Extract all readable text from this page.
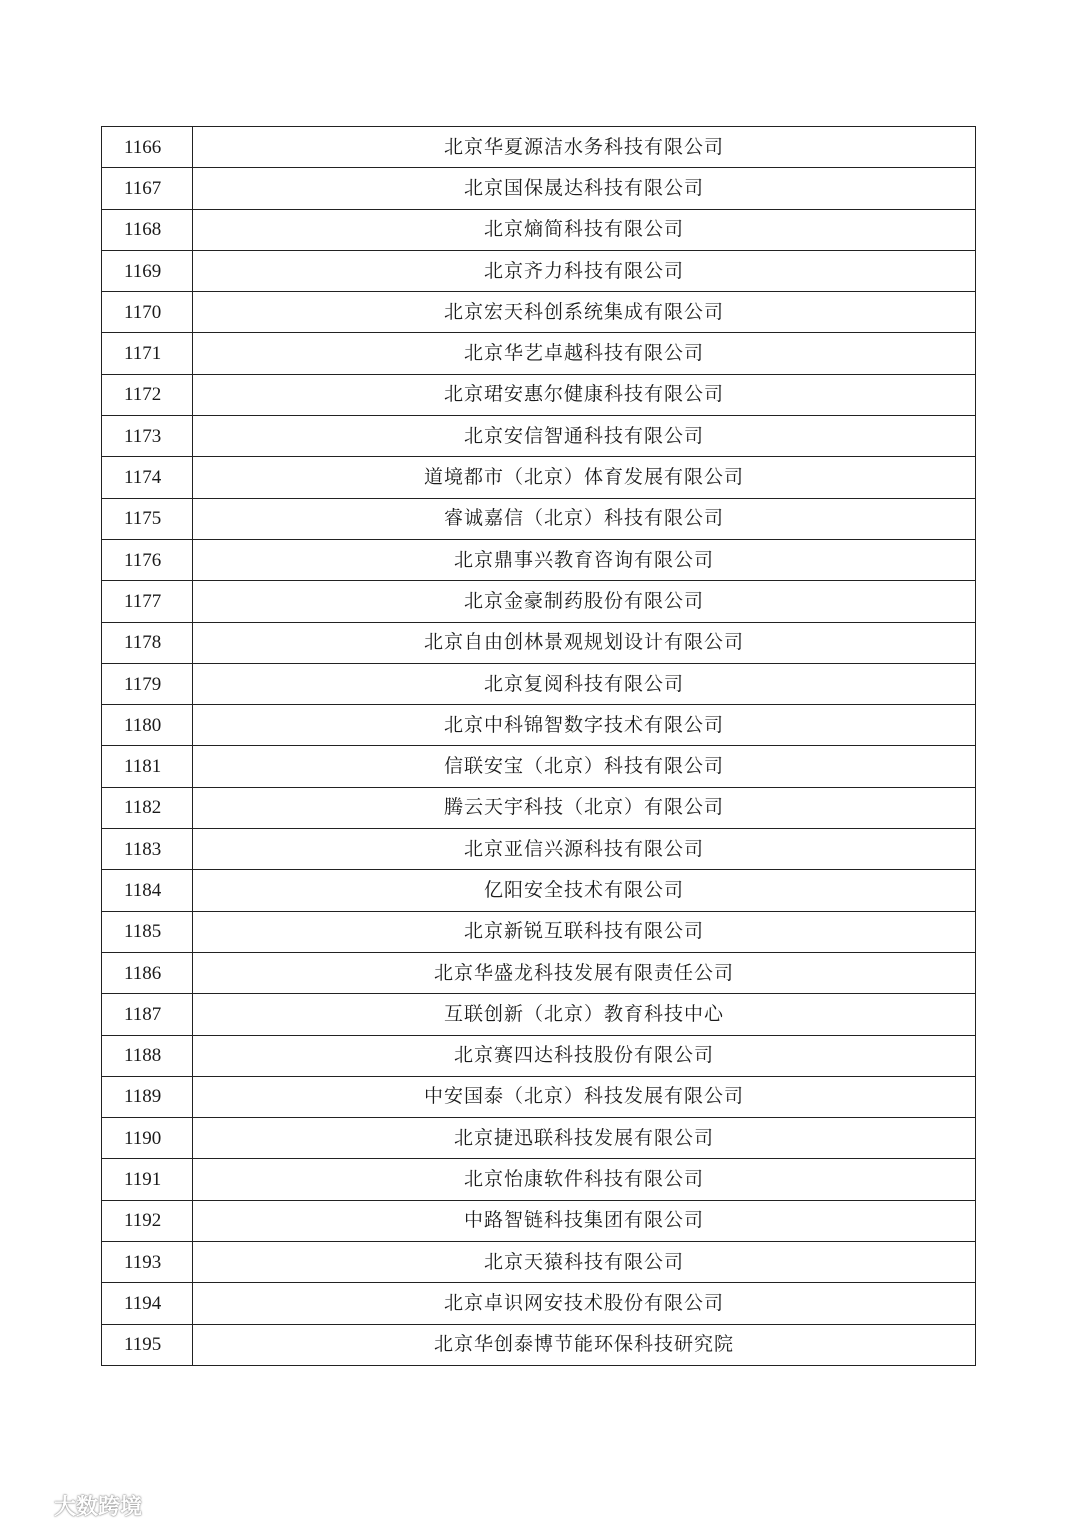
1166	北京华夏源洁水务科技有限公司
1167	北京国保晟达科技有限公司
1168	北京熵简科技有限公司
1169	北京齐力科技有限公司
1170	北京宏天科创系统集成有限公司
1171	北京华艺卓越科技有限公司
1172	北京珺安惠尔健康科技有限公司
1173	北京安信智通科技有限公司
1174	道境都市（北京）体育发展有限公司
1175	睿诚嘉信（北京）科技有限公司
1176	北京鼎事兴教育咨询有限公司
1177	北京金豪制药股份有限公司
1178	北京自由创林景观规划设计有限公司
1179	北京复阅科技有限公司
1180	北京中科锦智数字技术有限公司
1181	信联安宝（北京）科技有限公司
1182	腾云天宇科技（北京）有限公司
1183	北京亚信兴源科技有限公司
1184	亿阳安全技术有限公司
1185	北京新锐互联科技有限公司
1186	北京华盛龙科技发展有限责任公司
1187	互联创新（北京）教育科技中心
1188	北京赛四达科技股份有限公司
1189	中安国泰（北京）科技发展有限公司
1190	北京捷迅联科技发展有限公司
1191	北京怡康软件科技有限公司
1192	中路智链科技集团有限公司
1193	北京天猿科技有限公司
1194	北京卓识网安技术股份有限公司
1195	北京华创泰博节能环保科技研究院
大数跨境
